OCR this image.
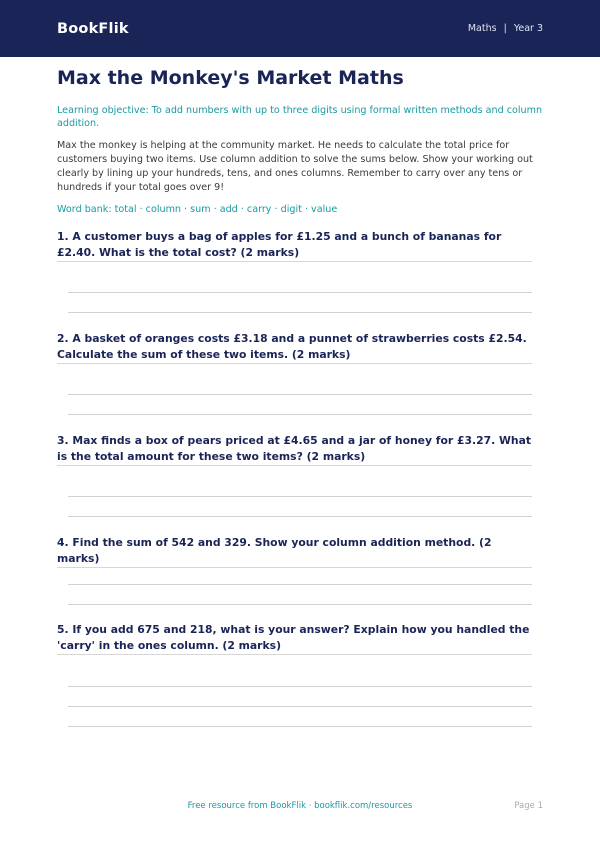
BookFlik	Maths | Year 3
Max the Monkey's Market Maths
Learning objective: To add numbers with up to three digits using formal written methods and column addition.
Max the monkey is helping at the community market. He needs to calculate the total price for customers buying two items. Use column addition to solve the sums below. Show your working out clearly by lining up your hundreds, tens, and ones columns. Remember to carry over any tens or hundreds if your total goes over 9!
Word bank: total · column · sum · add · carry · digit · value
1. A customer buys a bag of apples for £1.25 and a bunch of bananas for £2.40. What is the total cost? (2 marks)
2. A basket of oranges costs £3.18 and a punnet of strawberries costs £2.54. Calculate the sum of these two items. (2 marks)
3. Max finds a box of pears priced at £4.65 and a jar of honey for £3.27. What is the total amount for these two items? (2 marks)
4. Find the sum of 542 and 329. Show your column addition method. (2 marks)
5. If you add 675 and 218, what is your answer? Explain how you handled the 'carry' in the ones column. (2 marks)
Free resource from BookFlik · bookflik.com/resources	Page 1
